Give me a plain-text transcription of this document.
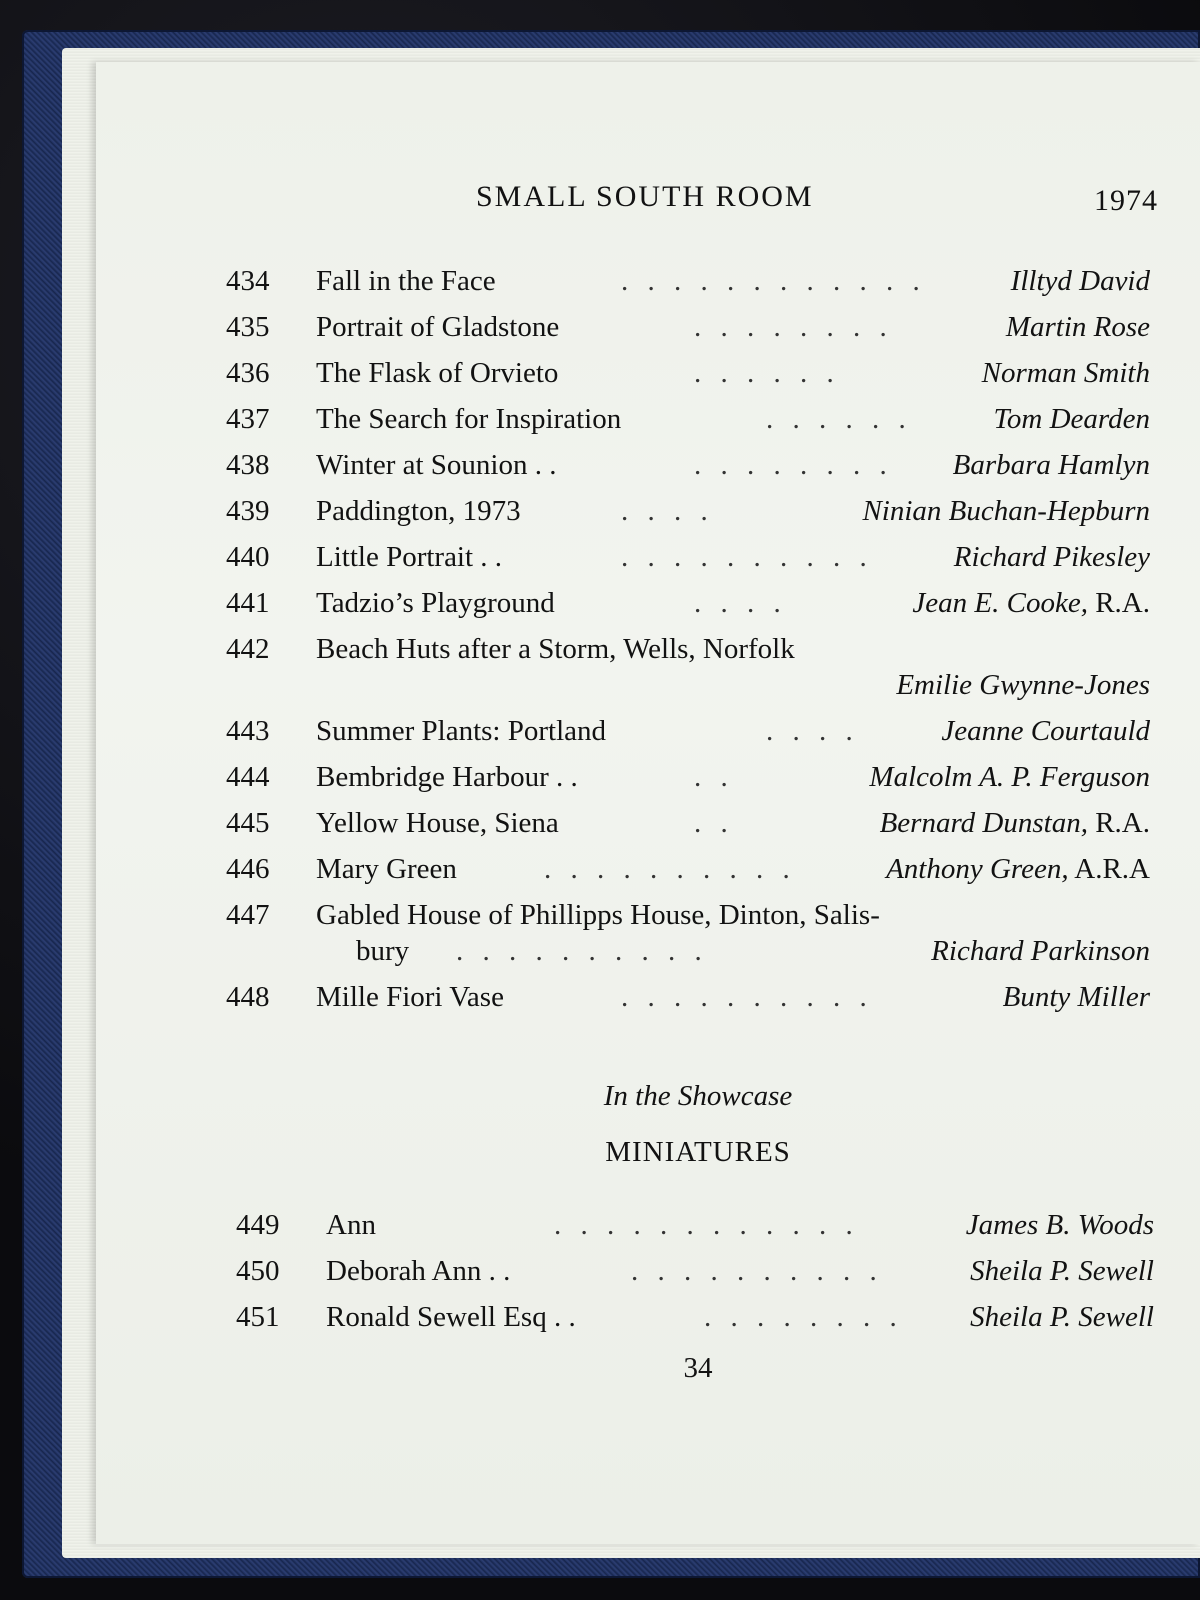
SMALL SOUTH ROOM	1974
434	Fall in the Face	. . . . . . . . . . . .	Illtyd David
435	Portrait of Gladstone	. . . . . . . .	Martin Rose
436	The Flask of Orvieto	. . . . . .	Norman Smith
437	The Search for Inspiration	. . . . . .	Tom Dearden
438	Winter at Sounion . .	. . . . . . . . Barbara Hamlyn
439	Paddington, 1973	. . . .	Ninian Buchan-Hepburn
440	Little Portrait . .	. . . . . . . . . .	Richard Pikesley
441	Tadzio’s Playground	. . . .	Jean E. Cooke, R.A.
442	Beach Huts after a Storm, Wells, Norfolk
Emilie Gwynne-Jones
443	Summer Plants: Portland	. . . .	Jeanne Courtauld
444	Bembridge Harbour . .	. .	Malcolm A. P. Ferguson
445	Yellow House, Siena	. .	Bernard Dunstan, R.A.
446	Mary Green	. . . . . . . . . .	Anthony Green, A.R.A
447	Gabled House of Phillipps House, Dinton, Salis-
bury . . . . . . . . . .	Richard Parkinson
448	Mille Fiori Vase	. . . . . . . . . .	Bunty Miller
In the Showcase
MINIATURES
449	Ann	. . . . . . . . . . . .	James B. Woods
450	Deborah Ann . .	. . . . . . . . . .	Sheila P. Sewell
451	Ronald Sewell Esq . .	. . . . . . . . Sheila P. Sewell
34
